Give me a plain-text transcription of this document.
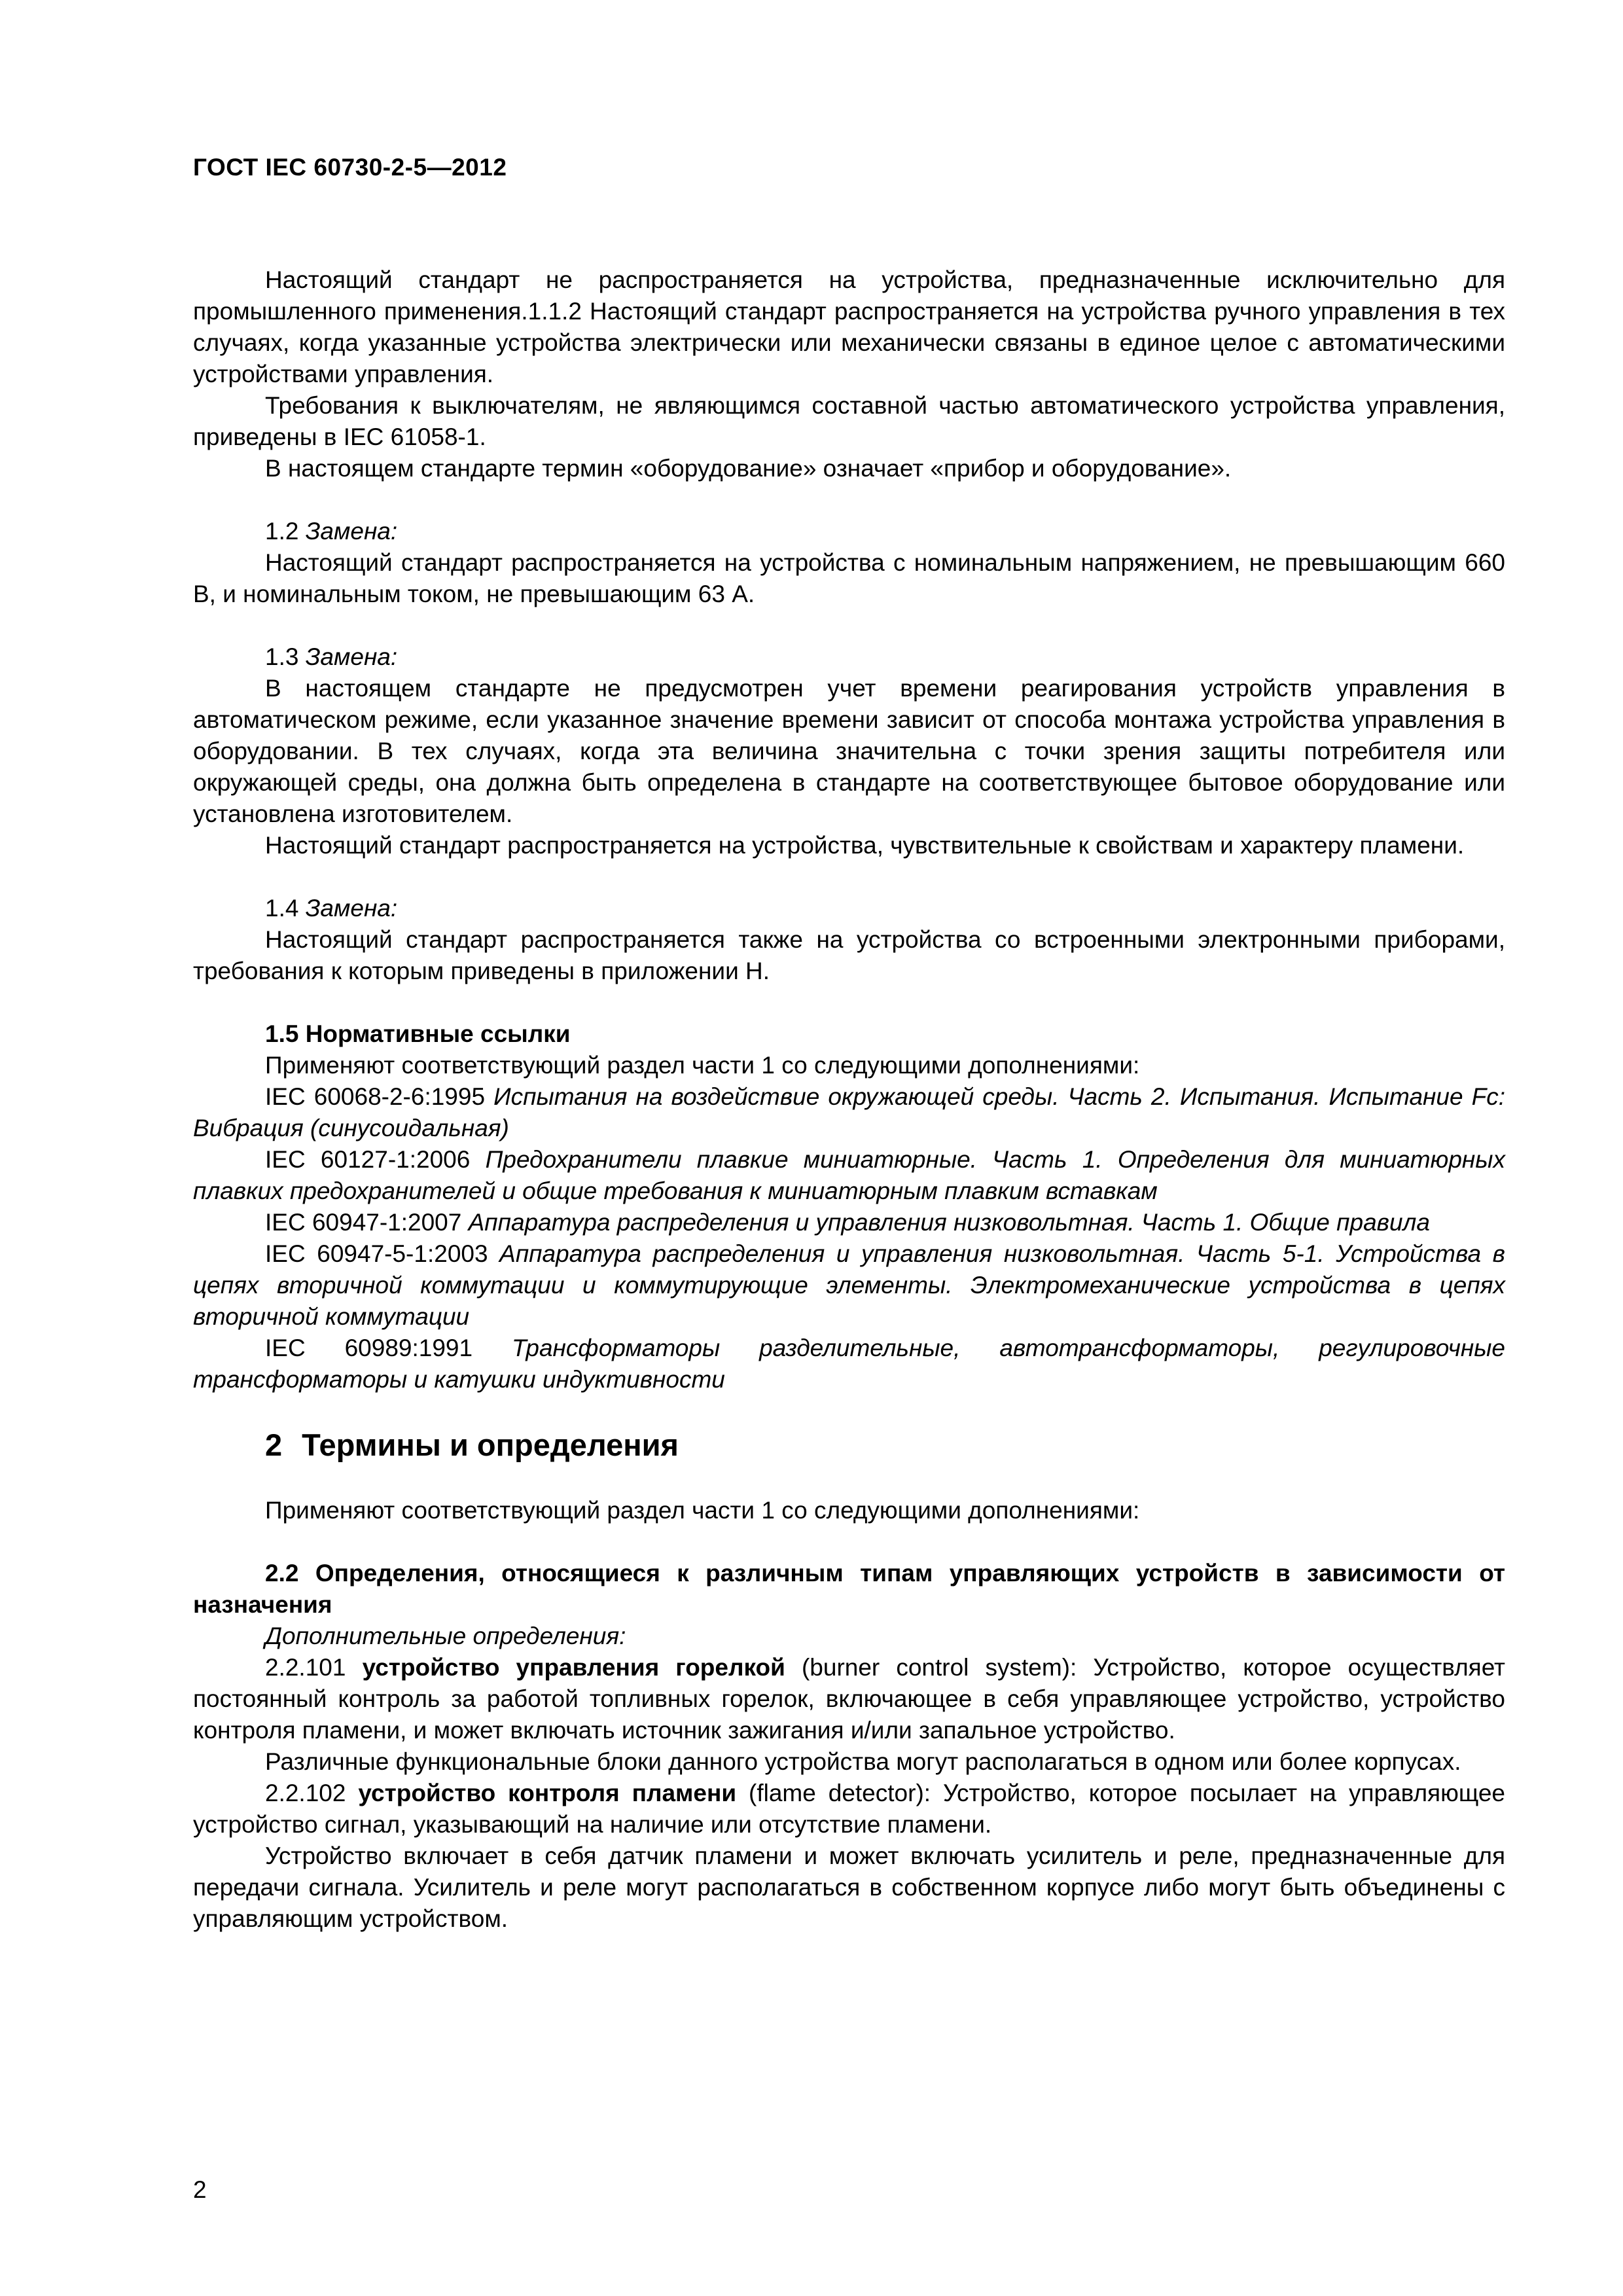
ГОСТ IEC 60730-2-5—2012

Настоящий стандарт не распространяется на устройства, предназначенные исключительно для промышленного применения.1.1.2 Настоящий стандарт распространяется на устройства ручного управления в тех случаях, когда указанные устройства электрически или механически связаны в единое целое с автоматическими устройствами управления.

Требования к выключателям, не являющимся составной частью автоматического устройства управления, приведены в IEC 61058-1.

В настоящем стандарте термин «оборудование» означает «прибор и оборудование».

1.2 Замена:

Настоящий стандарт распространяется на устройства с номинальным напряжением, не превышающим 660 В, и номинальным током, не превышающим 63 А.

1.3 Замена:

В настоящем стандарте не предусмотрен учет времени реагирования устройств управления в автоматическом режиме, если указанное значение времени зависит от способа монтажа устройства управления в оборудовании. В тех случаях, когда эта величина значительна с точки зрения защиты потребителя или окружающей среды, она должна быть определена в стандарте на соответствующее бытовое оборудование или установлена изготовителем.

Настоящий стандарт распространяется на устройства, чувствительные к свойствам и характеру пламени.

1.4 Замена:

Настоящий стандарт распространяется также на устройства со встроенными электронными приборами, требования к которым приведены в приложении Н.

1.5 Нормативные ссылки

Применяют соответствующий раздел части 1 со следующими дополнениями:

IEC 60068-2-6:1995 Испытания на воздействие окружающей среды. Часть 2. Испытания. Испытание Fc: Вибрация (синусоидальная)

IEC 60127-1:2006 Предохранители плавкие миниатюрные. Часть 1. Определения для миниатюрных плавких предохранителей и общие требования к миниатюрным плавким вставкам

IEC 60947-1:2007 Аппаратура распределения и управления низковольтная. Часть 1. Общие правила

IEC 60947-5-1:2003 Аппаратура распределения и управления низковольтная. Часть 5-1. Устройства в цепях вторичной коммутации и коммутирующие элементы. Электромеханические устройства в цепях вторичной коммутации

IEC 60989:1991 Трансформаторы разделительные, автотрансформаторы, регулировочные трансформаторы и катушки индуктивности

2 Термины и определения

Применяют соответствующий раздел части 1 со следующими дополнениями:

2.2 Определения, относящиеся к различным типам управляющих устройств в зависимости от назначения

Дополнительные определения:

2.2.101 устройство управления горелкой (burner control system): Устройство, которое осуществляет постоянный контроль за работой топливных горелок, включающее в себя управляющее устройство, устройство контроля пламени, и может включать источник зажигания и/или запальное устройство.

Различные функциональные блоки данного устройства могут располагаться в одном или более корпусах.

2.2.102 устройство контроля пламени (flame detector): Устройство, которое посылает на управляющее устройство сигнал, указывающий на наличие или отсутствие пламени.

Устройство включает в себя датчик пламени и может включать усилитель и реле, предназначенные для передачи сигнала. Усилитель и реле могут располагаться в собственном корпусе либо могут быть объединены с управляющим устройством.

2
